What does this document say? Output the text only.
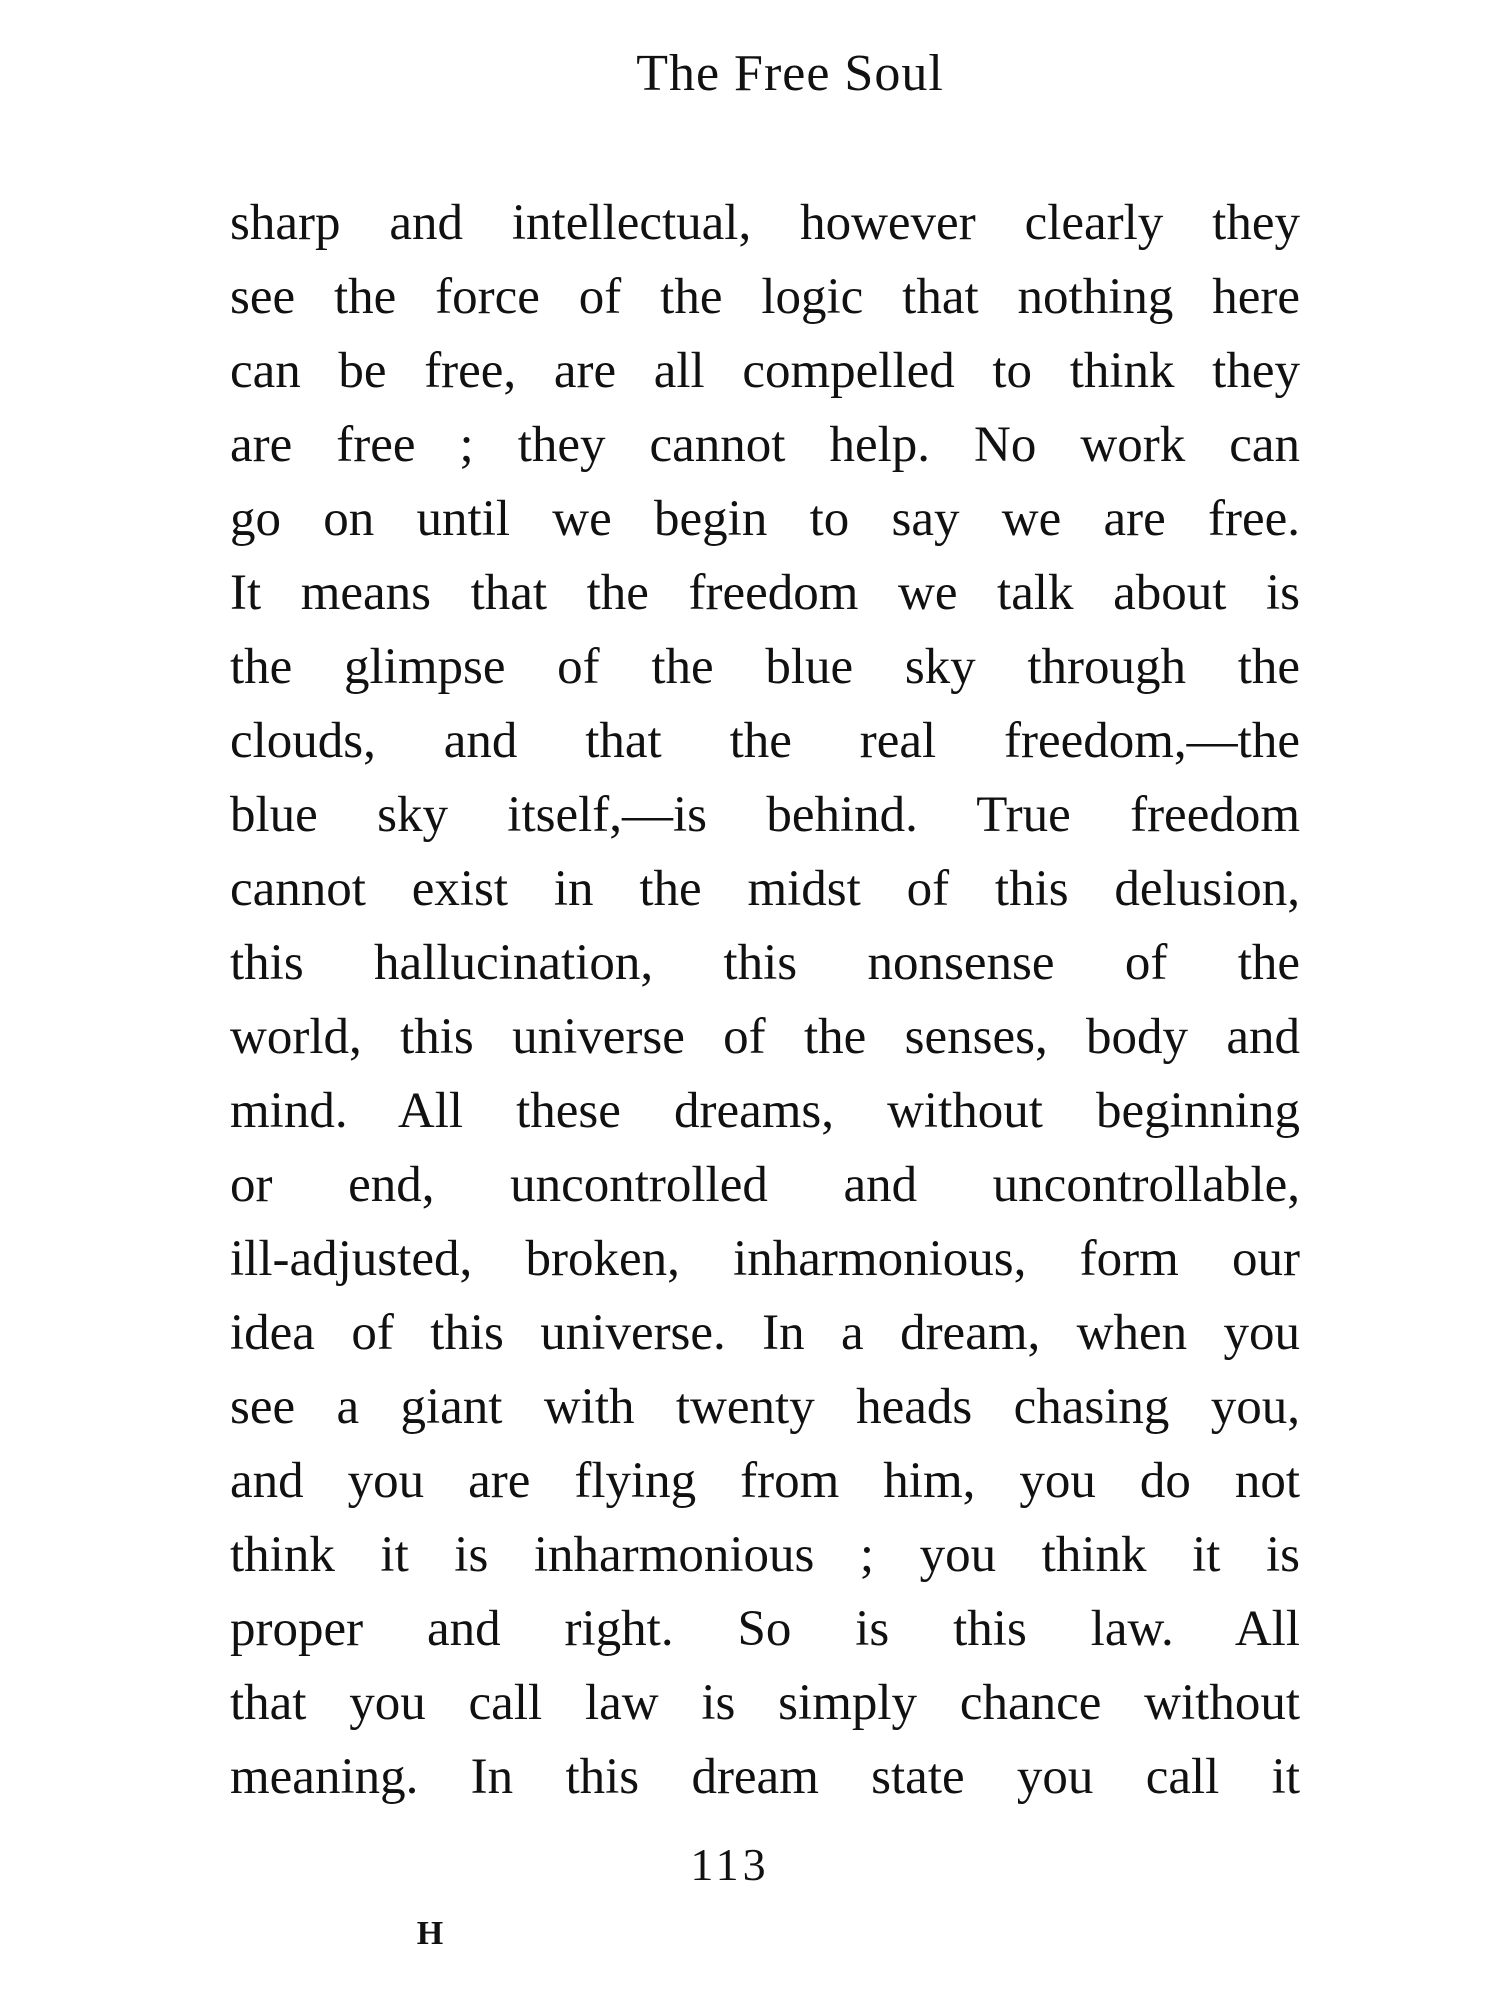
The Free Soul
sharp and intellectual, however clearly they
see the force of the logic that nothing here
can be free, are all compelled to think they
are free ; they cannot help. No work can
go on until we begin to say we are free.
It means that the freedom we talk about is
the glimpse of the blue sky through the
clouds, and that the real freedom,—the
blue sky itself,—is behind. True freedom
cannot exist in the midst of this delusion,
this hallucination, this nonsense of the
world, this universe of the senses, body and
mind. All these dreams, without beginning
or end, uncontrolled and uncontrollable,
ill-adjusted, broken, inharmonious, form our
idea of this universe. In a dream, when you
see a giant with twenty heads chasing you,
and you are flying from him, you do not
think it is inharmonious ; you think it is
proper and right. So is this law. All
that you call law is simply chance without
meaning. In this dream state you call it
113
H
